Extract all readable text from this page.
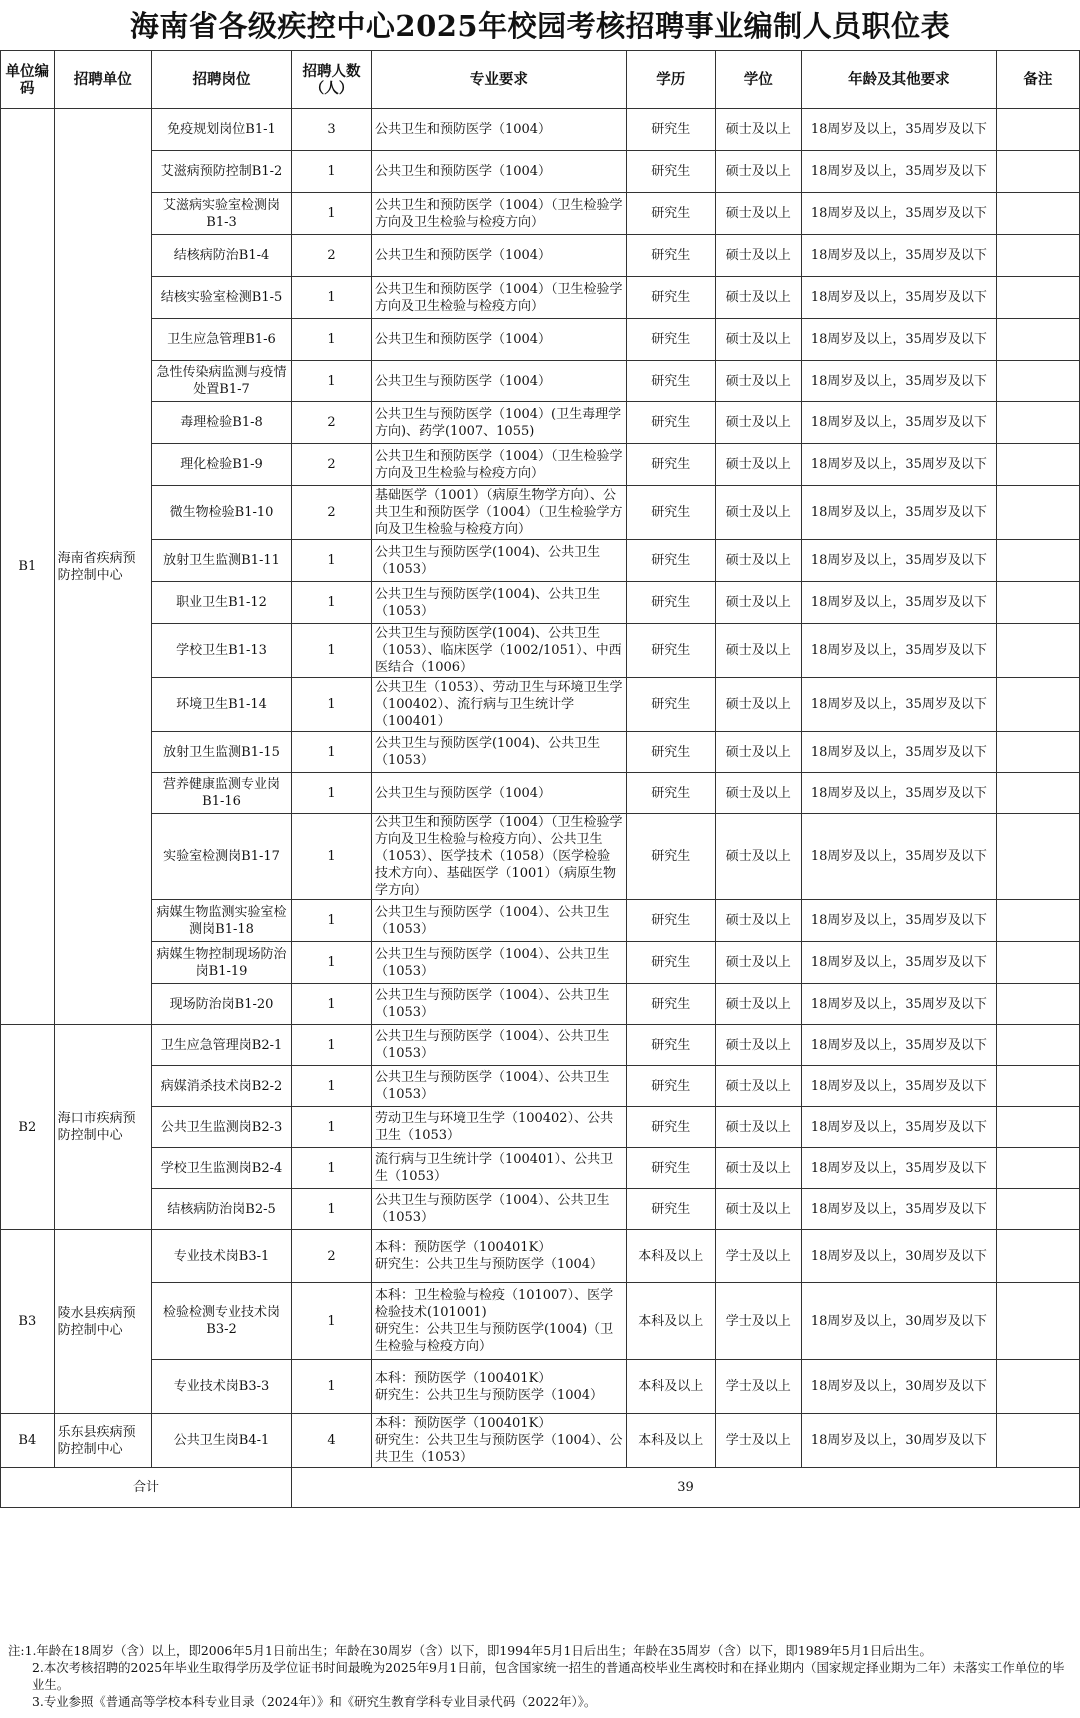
海南省各级疾控中心2025年校园考核招聘事业编制人员职位表
单位编码	招聘单位	招聘岗位	招聘人数（人）	专业要求	学历	学位	年龄及其他要求	备注
B1	海南省疾病预防控制中心	免疫规划岗位B1-1	3	公共卫生和预防医学（1004）	研究生	硕士及以上	18周岁及以上，35周岁及以下	
		艾滋病预防控制B1-2	1	公共卫生和预防医学（1004）	研究生	硕士及以上	18周岁及以上，35周岁及以下	
		艾滋病实验室检测岗B1-3	1	公共卫生和预防医学（1004）（卫生检验学方向及卫生检验与检疫方向）	研究生	硕士及以上	18周岁及以上，35周岁及以下	
		结核病防治B1-4	2	公共卫生和预防医学（1004）	研究生	硕士及以上	18周岁及以上，35周岁及以下	
		结核实验室检测B1-5	1	公共卫生和预防医学（1004）（卫生检验学方向及卫生检验与检疫方向）	研究生	硕士及以上	18周岁及以上，35周岁及以下	
		卫生应急管理B1-6	1	公共卫生和预防医学（1004）	研究生	硕士及以上	18周岁及以上，35周岁及以下	
		急性传染病监测与疫情处置B1-7	1	公共卫生与预防医学（1004）	研究生	硕士及以上	18周岁及以上，35周岁及以下	
		毒理检验B1-8	2	公共卫生与预防医学（1004）(卫生毒理学方向)、药学(1007、1055)	研究生	硕士及以上	18周岁及以上，35周岁及以下	
		理化检验B1-9	2	公共卫生和预防医学（1004）（卫生检验学方向及卫生检验与检疫方向）	研究生	硕士及以上	18周岁及以上，35周岁及以下	
		微生物检验B1-10	2	基础医学（1001）（病原生物学方向）、公共卫生和预防医学（1004）（卫生检验学方向及卫生检验与检疫方向）	研究生	硕士及以上	18周岁及以上，35周岁及以下	
		放射卫生监测B1-11	1	公共卫生与预防医学(1004)、公共卫生（1053）	研究生	硕士及以上	18周岁及以上，35周岁及以下	
		职业卫生B1-12	1	公共卫生与预防医学(1004)、公共卫生（1053）	研究生	硕士及以上	18周岁及以上，35周岁及以下	
		学校卫生B1-13	1	公共卫生与预防医学(1004)、公共卫生（1053）、临床医学（1002/1051）、中西医结合（1006）	研究生	硕士及以上	18周岁及以上，35周岁及以下	
		环境卫生B1-14	1	公共卫生（1053）、劳动卫生与环境卫生学（100402）、流行病与卫生统计学（100401）	研究生	硕士及以上	18周岁及以上，35周岁及以下	
		放射卫生监测B1-15	1	公共卫生与预防医学(1004)、公共卫生（1053）	研究生	硕士及以上	18周岁及以上，35周岁及以下	
		营养健康监测专业岗B1-16	1	公共卫生与预防医学（1004）	研究生	硕士及以上	18周岁及以上，35周岁及以下	
		实验室检测岗B1-17	1	公共卫生和预防医学（1004）（卫生检验学方向及卫生检验与检疫方向）、公共卫生（1053）、医学技术（1058）（医学检验技术方向）、基础医学（1001）（病原生物学方向）	研究生	硕士及以上	18周岁及以上，35周岁及以下	
		病媒生物监测实验室检测岗B1-18	1	公共卫生与预防医学（1004）、公共卫生（1053）	研究生	硕士及以上	18周岁及以上，35周岁及以下	
		病媒生物控制现场防治岗B1-19	1	公共卫生与预防医学（1004）、公共卫生（1053）	研究生	硕士及以上	18周岁及以上，35周岁及以下	
		现场防治岗B1-20	1	公共卫生与预防医学（1004）、公共卫生（1053）	研究生	硕士及以上	18周岁及以上，35周岁及以下	
B2	海口市疾病预防控制中心	卫生应急管理岗B2-1	1	公共卫生与预防医学（1004）、公共卫生（1053）	研究生	硕士及以上	18周岁及以上，35周岁及以下	
		病媒消杀技术岗B2-2	1	公共卫生与预防医学（1004）、公共卫生（1053）	研究生	硕士及以上	18周岁及以上，35周岁及以下	
		公共卫生监测岗B2-3	1	劳动卫生与环境卫生学（100402）、公共卫生（1053）	研究生	硕士及以上	18周岁及以上，35周岁及以下	
		学校卫生监测岗B2-4	1	流行病与卫生统计学（100401）、公共卫生（1053）	研究生	硕士及以上	18周岁及以上，35周岁及以下	
		结核病防治岗B2-5	1	公共卫生与预防医学（1004）、公共卫生（1053）	研究生	硕士及以上	18周岁及以上，35周岁及以下	
B3	陵水县疾病预防控制中心	专业技术岗B3-1	2	本科：预防医学（100401K）
研究生：公共卫生与预防医学（1004）	本科及以上	学士及以上	18周岁及以上，30周岁及以下	
		检验检测专业技术岗B3-2	1	本科：卫生检验与检疫（101007）、医学检验技术(101001)
研究生：公共卫生与预防医学(1004)（卫生检验与检疫方向）	本科及以上	学士及以上	18周岁及以上，30周岁及以下	
		专业技术岗B3-3	1	本科：预防医学（100401K）
研究生：公共卫生与预防医学（1004）	本科及以上	学士及以上	18周岁及以上，30周岁及以下	
B4	乐东县疾病预防控制中心	公共卫生岗B4-1	4	本科：预防医学（100401K）
研究生：公共卫生与预防医学（1004）、公共卫生（1053）	本科及以上	学士及以上	18周岁及以上，30周岁及以下	
合计			39					
注:1.年龄在18周岁（含）以上，即2006年5月1日前出生；年龄在30周岁（含）以下，即1994年5月1日后出生；年龄在35周岁（含）以下，即1989年5月1日后出生。
2.本次考核招聘的2025年毕业生取得学历及学位证书时间最晚为2025年9月1日前，包含国家统一招生的普通高校毕业生离校时和在择业期内（国家规定择业期为二年）未落实工作单位的毕业生。
3.专业参照《普通高等学校本科专业目录（2024年）》和《研究生教育学科专业目录代码（2022年）》。
